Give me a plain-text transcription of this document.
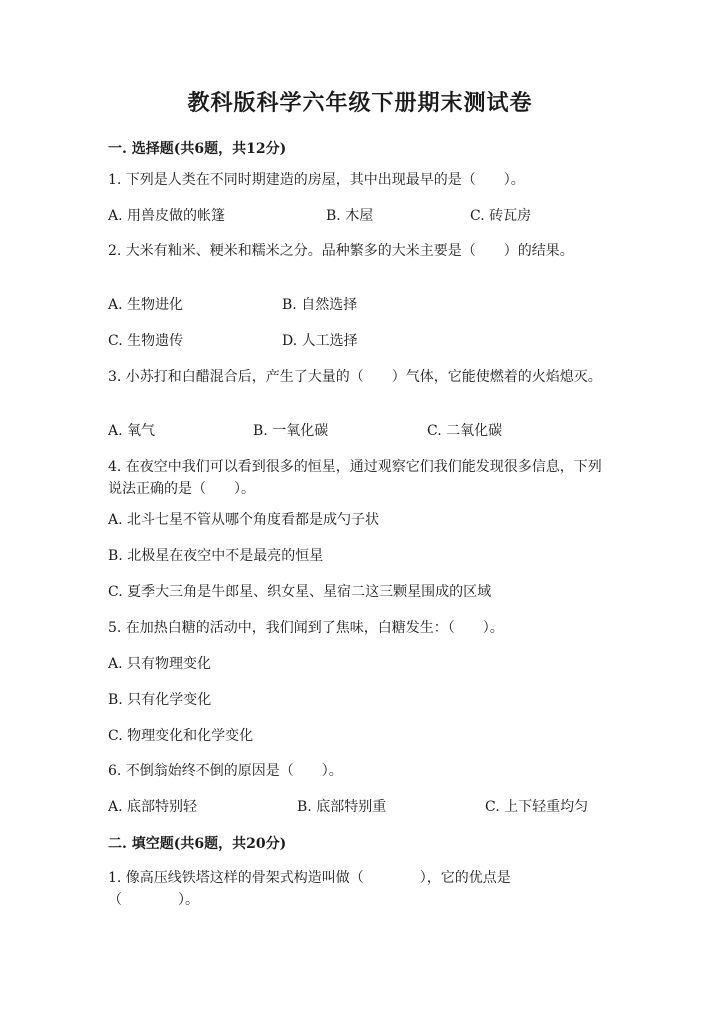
教科版科学六年级下册期末测试卷
一. 选择题(共6题，共12分)
1. 下列是人类在不同时期建造的房屋，其中出现最早的是（　　）。
A. 用兽皮做的帐篷	B. 木屋	C. 砖瓦房
2. 大米有籼米、粳米和糯米之分。品种繁多的大米主要是（　　）的结果。
A. 生物进化	B. 自然选择
C. 生物遗传	D. 人工选择
3. 小苏打和白醋混合后，产生了大量的（　　）气体，它能使燃着的火焰熄灭。
A. 氧气	B. 一氧化碳	C. 二氧化碳
4. 在夜空中我们可以看到很多的恒星，通过观察它们我们能发现很多信息，下列说法正确的是（　　）。
A. 北斗七星不管从哪个角度看都是成勺子状
B. 北极星在夜空中不是最亮的恒星
C. 夏季大三角是牛郎星、织女星、星宿二这三颗星围成的区域
5. 在加热白糖的活动中，我们闻到了焦味，白糖发生：（　　）。
A. 只有物理变化
B. 只有化学变化
C. 物理变化和化学变化
6. 不倒翁始终不倒的原因是（　　）。
A. 底部特别轻	B. 底部特别重	C. 上下轻重均匀
二. 填空题(共6题，共20分)
1. 像高压线铁塔这样的骨架式构造叫做（　　　　），它的优点是（　　　　）。
